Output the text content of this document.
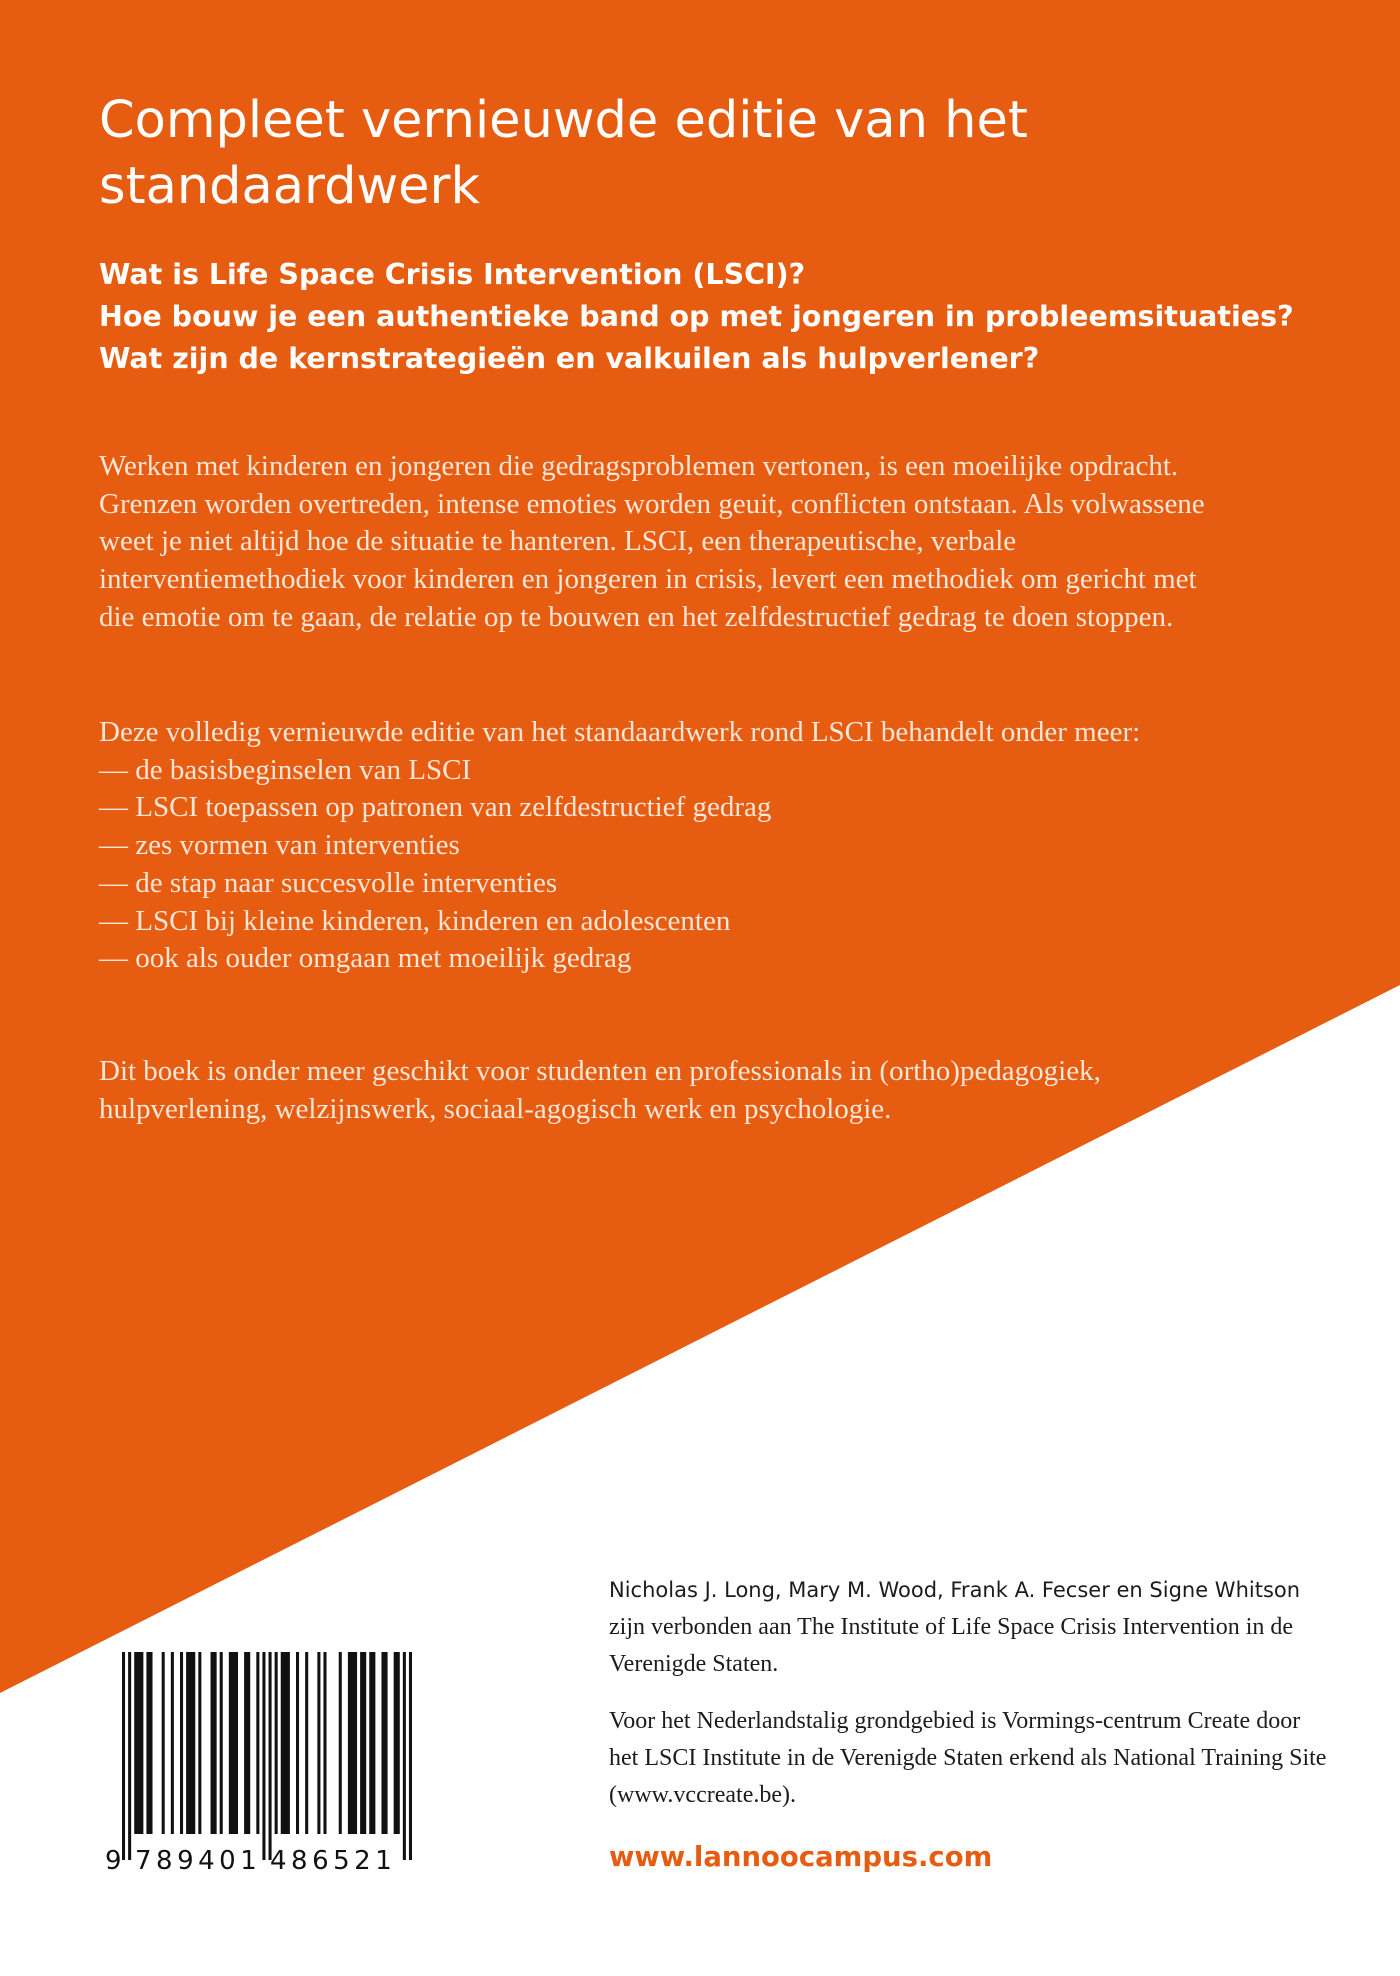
Compleet vernieuwde editie van het standaardwerk
Wat is Life Space Crisis Intervention (LSCI)?
Hoe bouw je een authentieke band op met jongeren in probleemsituaties?
Wat zijn de kernstrategieën en valkuilen als hulpverlener?

Werken met kinderen en jongeren die gedragsproblemen vertonen, is een moeilijke opdracht. Grenzen worden overtreden, intense emoties worden geuit, conflicten ontstaan. Als volwassene weet je niet altijd hoe de situatie te hanteren. LSCI, een therapeutische, verbale interventiemethodiek voor kinderen en jongeren in crisis, levert een methodiek om gericht met die emotie om te gaan, de relatie op te bouwen en het zelfdestructief gedrag te doen stoppen.

Deze volledig vernieuwde editie van het standaardwerk rond LSCI behandelt onder meer:
— de basisbeginselen van LSCI
— LSCI toepassen op patronen van zelfdestructief gedrag
— zes vormen van interventies
— de stap naar succesvolle interventies
— LSCI bij kleine kinderen, kinderen en adolescenten
— ook als ouder omgaan met moeilijk gedrag

Dit boek is onder meer geschikt voor studenten en professionals in (ortho)pedagogiek, hulpverlening, welzijnswerk, sociaal-agogisch werk en psychologie.

Nicholas J. Long, Mary M. Wood, Frank A. Fecser en Signe Whitson zijn verbonden aan The Institute of Life Space Crisis Intervention in de Verenigde Staten.

Voor het Nederlandstalig grondgebied is Vormings-centrum Create door het LSCI Institute in de Verenigde Staten erkend als National Training Site (www.vccreate.be).

www.lannoocampus.com

9 789401 486521
